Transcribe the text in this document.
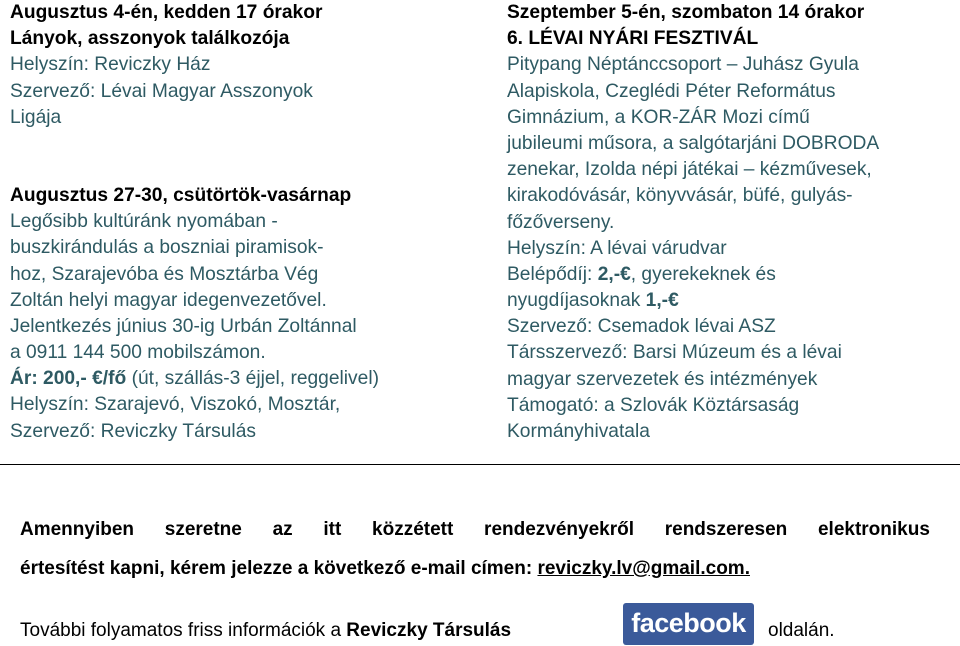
Augusztus 4-én, kedden 17 órakor
Lányok, asszonyok találkozója
Helyszín: Reviczky Ház
Szervező: Lévai Magyar Asszonyok
Ligája
Augusztus 27-30, csütörtök-vasárnap
Legősibb kultúránk nyomában -
buszkirándulás a boszniai piramisok-
hoz, Szarajevóba és Mosztárba Vég
Zoltán helyi magyar idegenvezetővel.
Jelentkezés június 30-ig Urbán Zoltánnal
a 0911 144 500 mobilszámon.
Ár: 200,- €/fő (út, szállás-3 éjjel, reggelivel)
Helyszín: Szarajevó, Viszokó, Mosztár,
Szervező: Reviczky Társulás
Szeptember 5-én, szombaton 14 órakor
6. LÉVAI NYÁRI FESZTIVÁL
Pitypang Néptánccsoport – Juhász Gyula
Alapiskola, Czeglédi Péter Református
Gimnázium, a KOR-ZÁR Mozi című
jubileumi műsora, a salgótarjáni DOBRODA
zenekar, Izolda népi játékai – kézművesek,
kirakodóvásár, könyvvásár, büfé, gulyás-
főzőverseny.
Helyszín: A lévai várudvar
Belépődíj: 2,-€, gyerekeknek és
nyugdíjasoknak 1,-€
Szervező: Csemadok lévai ASZ
Társszervező: Barsi Múzeum és a lévai
magyar szervezetek és intézmények
Támogató: a Szlovák Köztársaság
Kormányhivatala
Amennyiben szeretne az itt közzétett rendezvényekről rendszeresen elektronikus
értesítést kapni, kérem jelezze a következő e-mail címen: reviczky.lv@gmail.com.
További folyamatos friss információk a Reviczky Társulás	facebook	oldalán.
